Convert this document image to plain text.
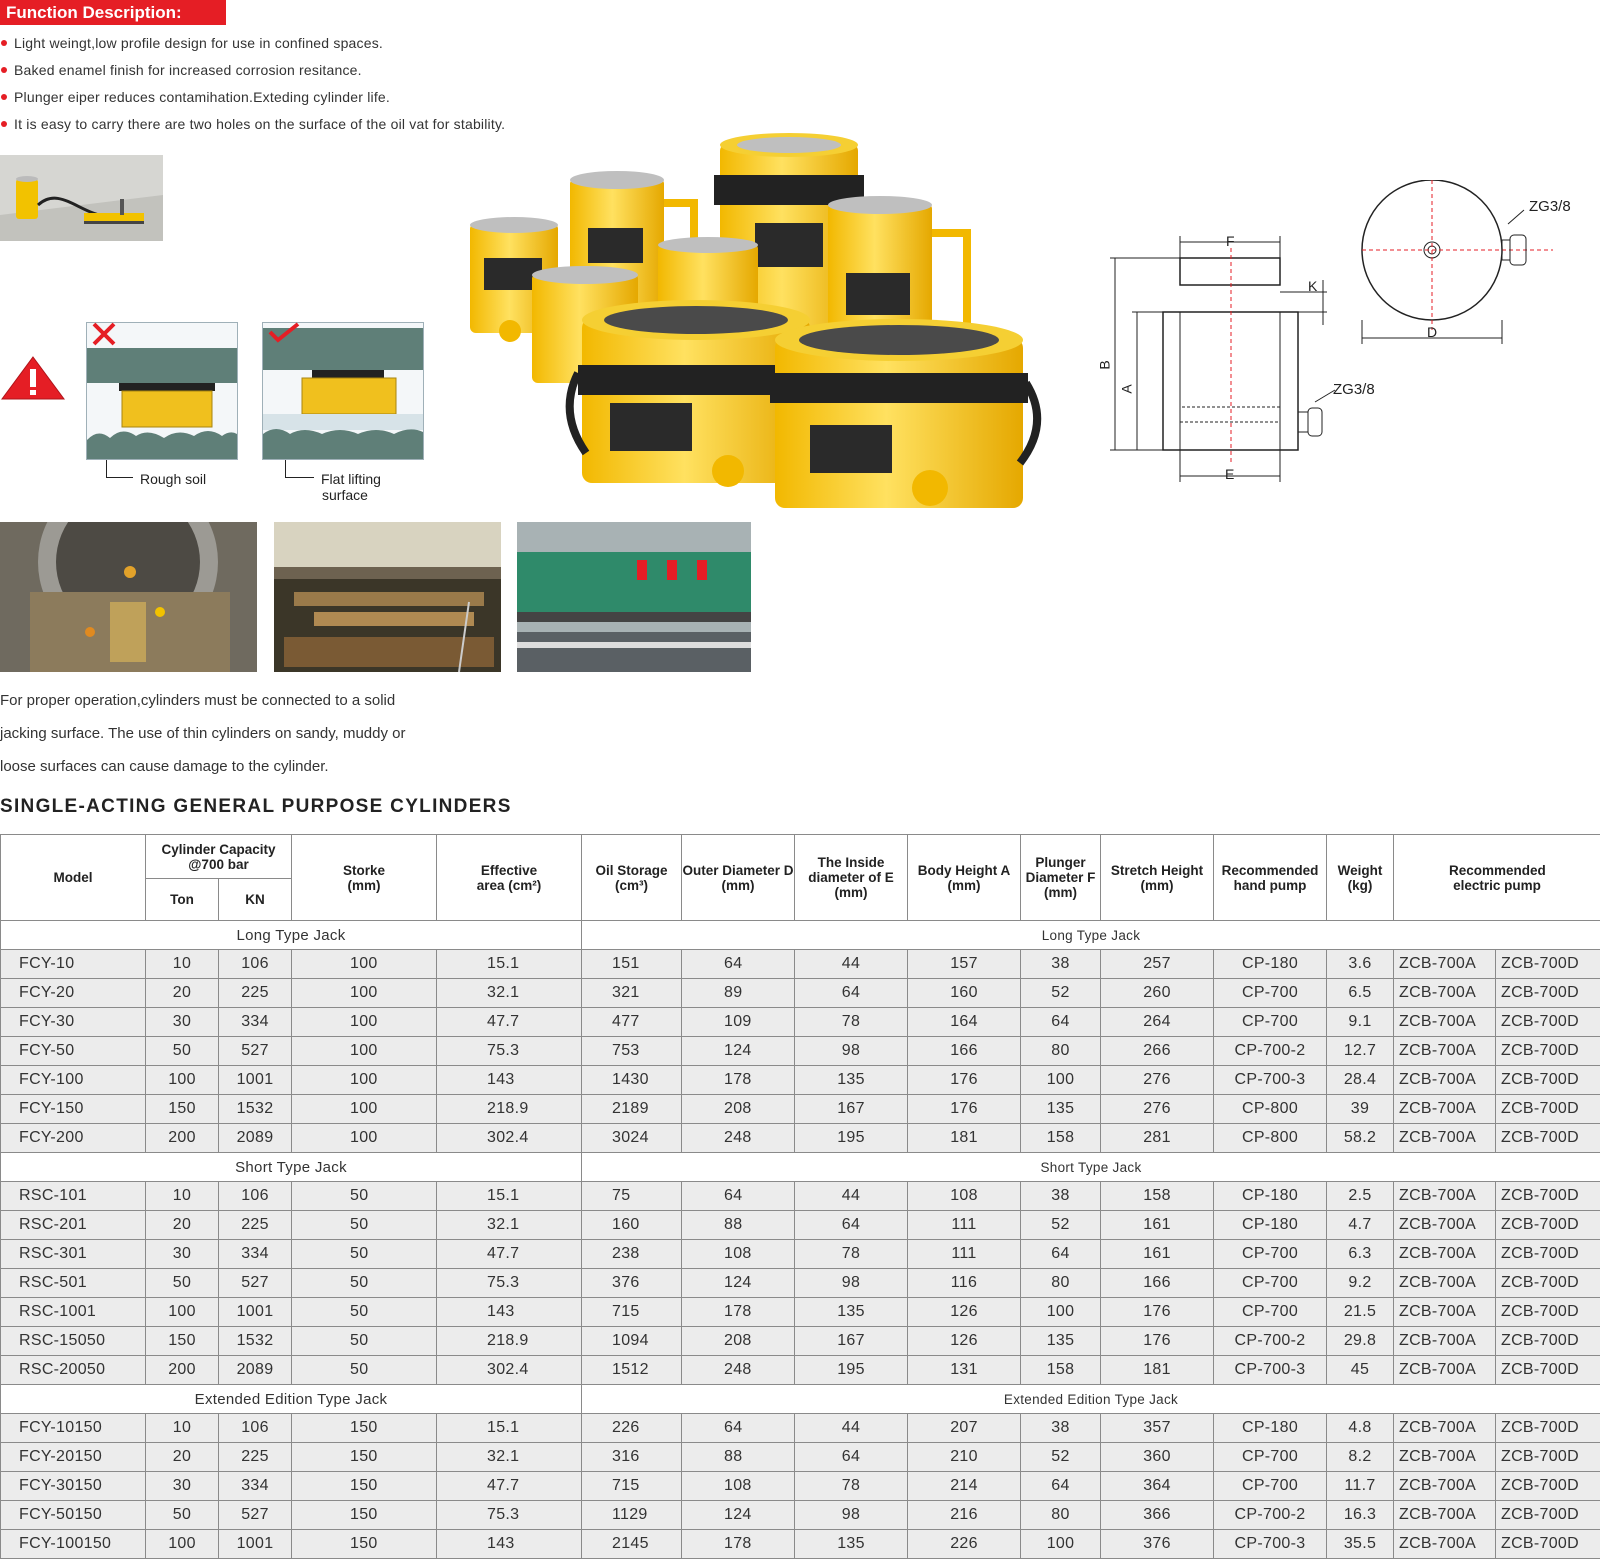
Function Description:
Light weingt,low profile design for use in confined spaces.
Baked enamel finish for increased corrosion resitance.
Plunger eiper reduces contamihation.Exteding cylinder life.
It is easy to carry there are two holes on the surface of the oil vat for stability.
Rough soil	Flat lifting
surface
F
K
B
A
E
ZG3/8
ZG3/8
D
For proper operation,cylinders must be connected to a solid
jacking surface. The use of thin cylinders on sandy, muddy or
loose surfaces can cause damage to the cylinder.
SINGLE-ACTING GENERAL PURPOSE CYLINDERS
Model	Cylinder Capacity @700 bar		Storke (mm)	Effective area (cm²)	Oil Storage (cm³)	Outer Diameter D (mm)	The Inside diameter of E (mm)	Body Height A (mm)	Plunger Diameter F (mm)	Stretch Height (mm)	Recommended hand pump	Weight (kg)	Recommended electric pump	
	Ton	KN												
Long Type Jack					Long Type Jack									
FCY-10	10	106	100	15.1	151	64	44	157	38	257	CP-180	3.6	ZCB-700A	ZCB-700D
FCY-20	20	225	100	32.1	321	89	64	160	52	260	CP-700	6.5	ZCB-700A	ZCB-700D
FCY-30	30	334	100	47.7	477	109	78	164	64	264	CP-700	9.1	ZCB-700A	ZCB-700D
FCY-50	50	527	100	75.3	753	124	98	166	80	266	CP-700-2	12.7	ZCB-700A	ZCB-700D
FCY-100	100	1001	100	143	1430	178	135	176	100	276	CP-700-3	28.4	ZCB-700A	ZCB-700D
FCY-150	150	1532	100	218.9	2189	208	167	176	135	276	CP-800	39	ZCB-700A	ZCB-700D
FCY-200	200	2089	100	302.4	3024	248	195	181	158	281	CP-800	58.2	ZCB-700A	ZCB-700D
Short Type Jack					Short Type Jack									
RSC-101	10	106	50	15.1	75	64	44	108	38	158	CP-180	2.5	ZCB-700A	ZCB-700D
RSC-201	20	225	50	32.1	160	88	64	111	52	161	CP-180	4.7	ZCB-700A	ZCB-700D
RSC-301	30	334	50	47.7	238	108	78	111	64	161	CP-700	6.3	ZCB-700A	ZCB-700D
RSC-501	50	527	50	75.3	376	124	98	116	80	166	CP-700	9.2	ZCB-700A	ZCB-700D
RSC-1001	100	1001	50	143	715	178	135	126	100	176	CP-700	21.5	ZCB-700A	ZCB-700D
RSC-15050	150	1532	50	218.9	1094	208	167	126	135	176	CP-700-2	29.8	ZCB-700A	ZCB-700D
RSC-20050	200	2089	50	302.4	1512	248	195	131	158	181	CP-700-3	45	ZCB-700A	ZCB-700D
Extended Edition Type Jack					Extended Edition Type Jack									
FCY-10150	10	106	150	15.1	226	64	44	207	38	357	CP-180	4.8	ZCB-700A	ZCB-700D
FCY-20150	20	225	150	32.1	316	88	64	210	52	360	CP-700	8.2	ZCB-700A	ZCB-700D
FCY-30150	30	334	150	47.7	715	108	78	214	64	364	CP-700	11.7	ZCB-700A	ZCB-700D
FCY-50150	50	527	150	75.3	1129	124	98	216	80	366	CP-700-2	16.3	ZCB-700A	ZCB-700D
FCY-100150	100	1001	150	143	2145	178	135	226	100	376	CP-700-3	35.5	ZCB-700A	ZCB-700D
